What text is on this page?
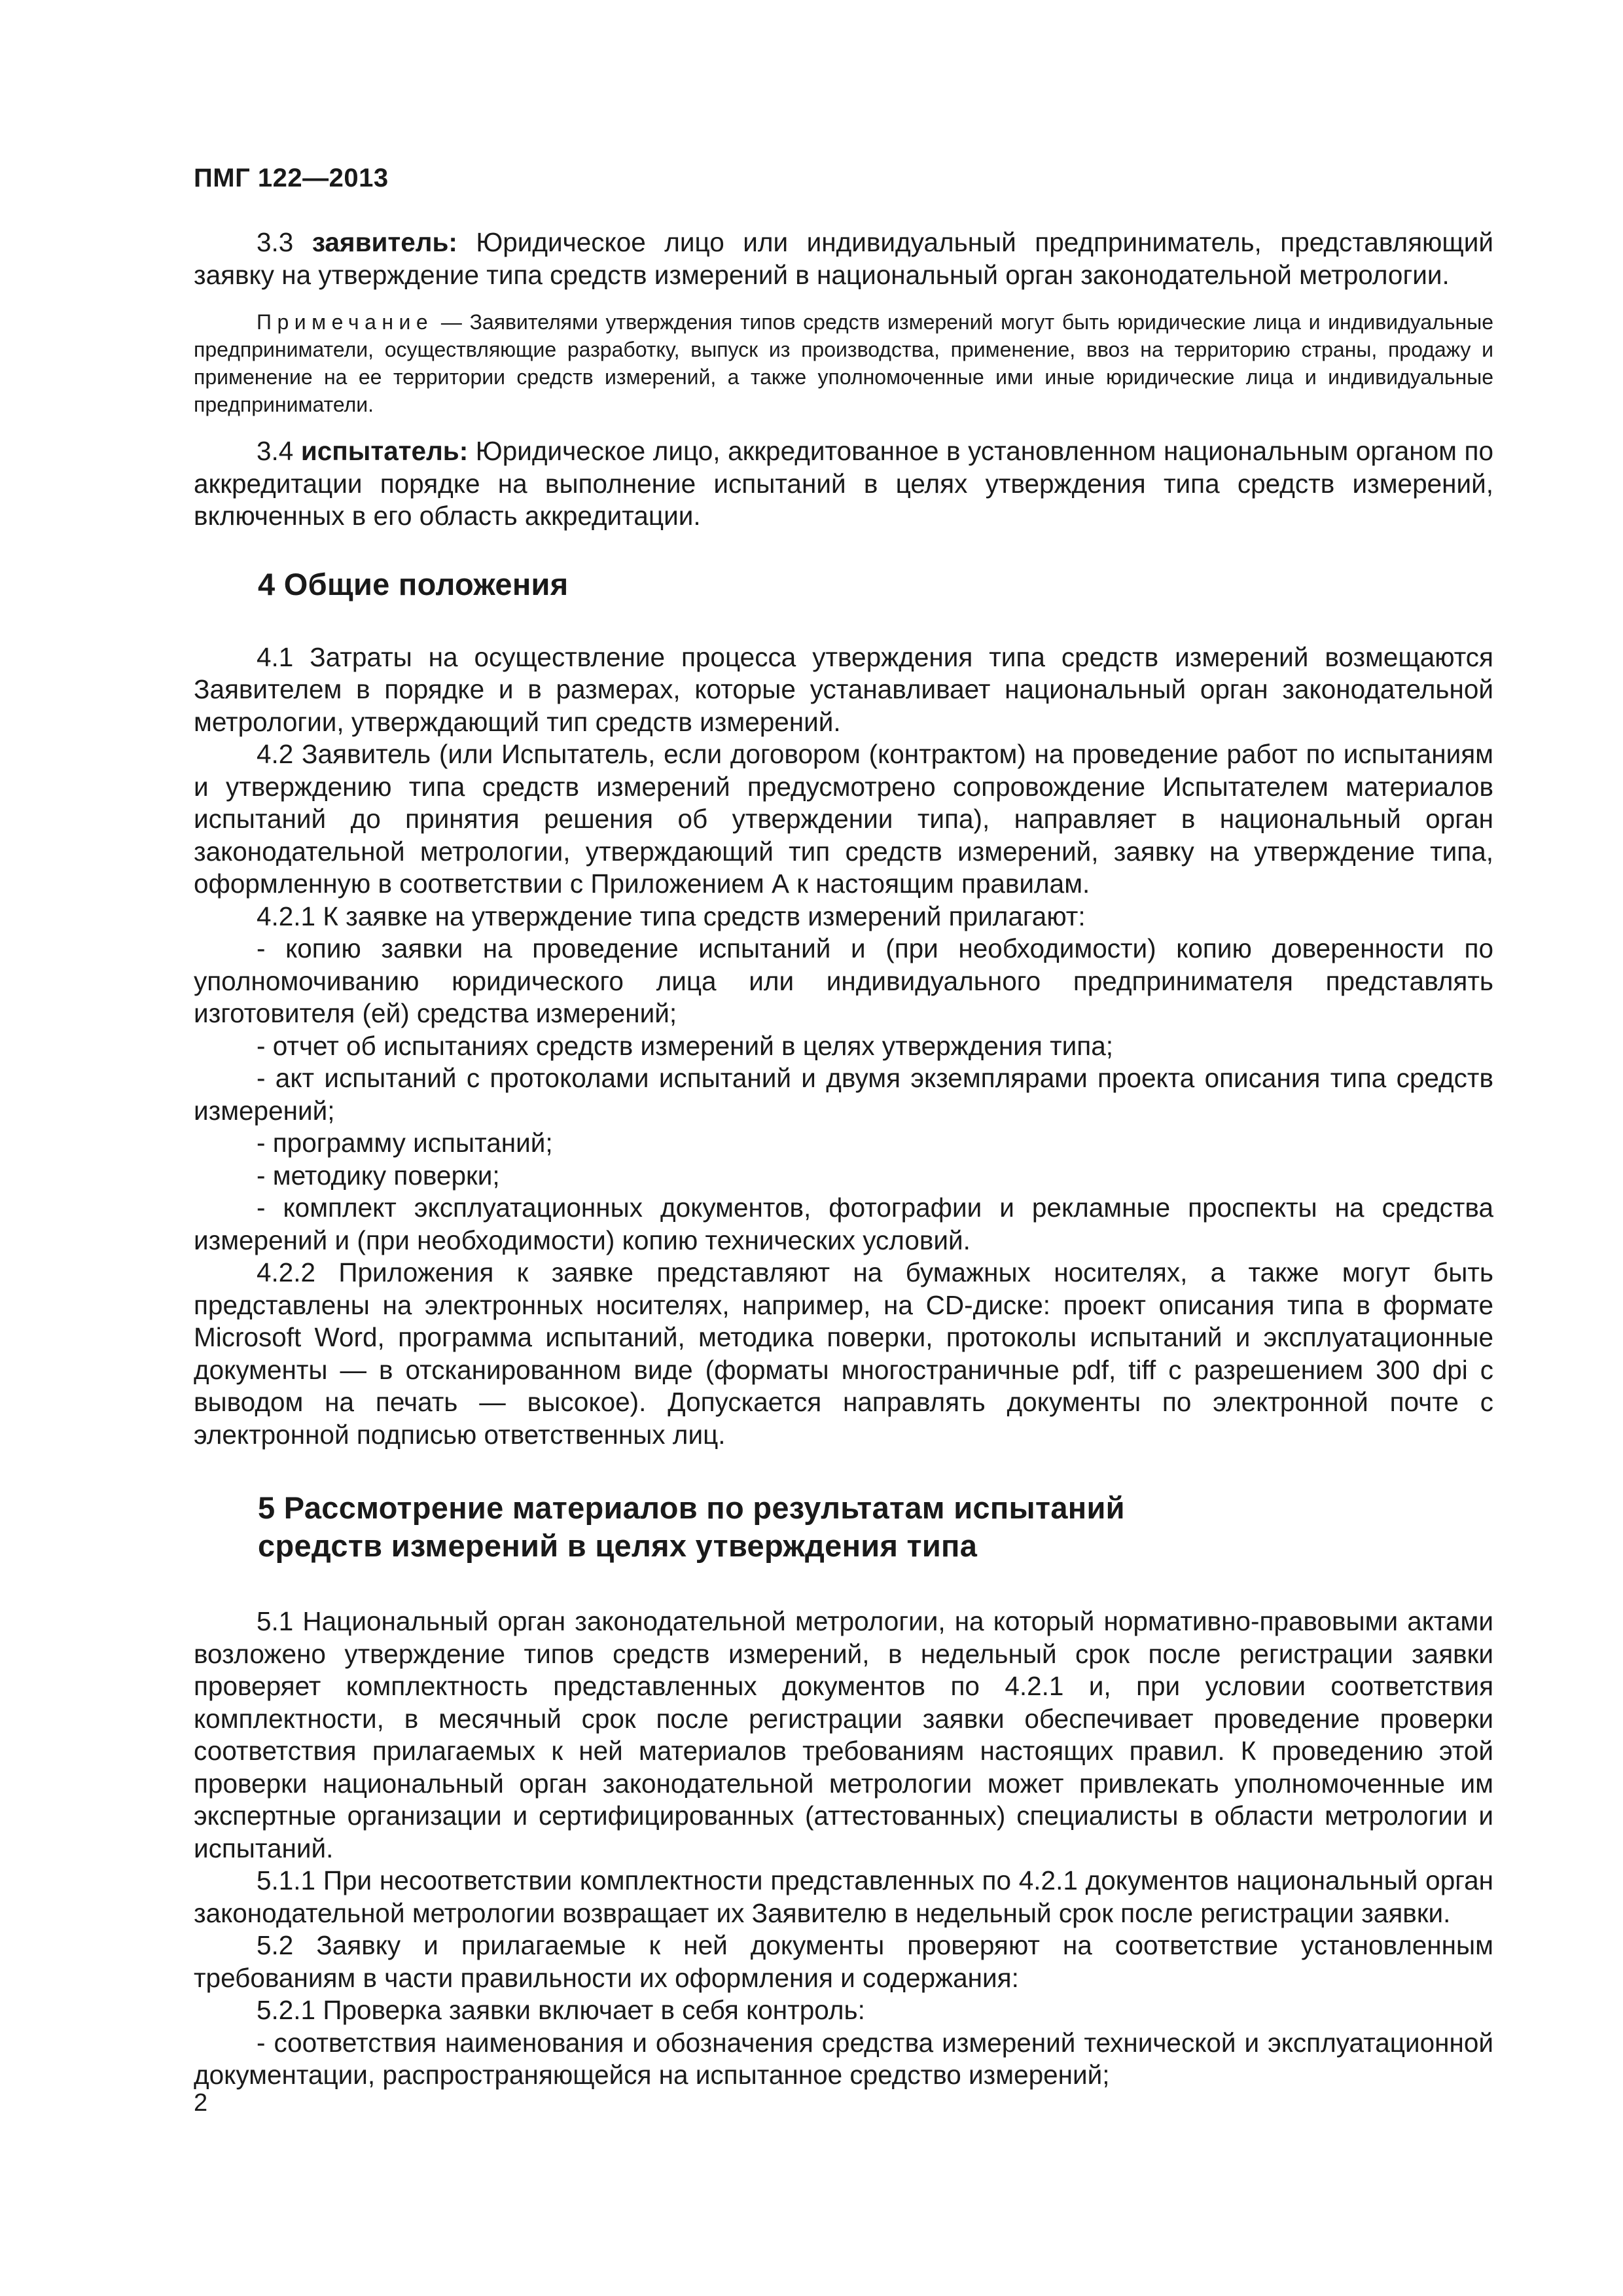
ПМГ 122—2013

3.3 заявитель: Юридическое лицо или индивидуальный предприниматель, представляющий заявку на утверждение типа средств измерений в национальный орган законодательной метрологии.

Примечание — Заявителями утверждения типов средств измерений могут быть юридические лица и индивидуальные предприниматели, осуществляющие разработку, выпуск из производства, применение, ввоз на территорию страны, продажу и применение на ее территории средств измерений, а также уполномоченные ими иные юридические лица и индивидуальные предприниматели.

3.4 испытатель: Юридическое лицо, аккредитованное в установленном национальным органом по аккредитации порядке на выполнение испытаний в целях утверждения типа средств измерений, включенных в его область аккредитации.

4 Общие положения

4.1 Затраты на осуществление процесса утверждения типа средств измерений возмещаются Заявителем в порядке и в размерах, которые устанавливает национальный орган законодательной метрологии, утверждающий тип средств измерений.

4.2 Заявитель (или Испытатель, если договором (контрактом) на проведение работ по испытаниям и утверждению типа средств измерений предусмотрено сопровождение Испытателем материалов испытаний до принятия решения об утверждении типа), направляет в национальный орган законодательной метрологии, утверждающий тип средств измерений, заявку на утверждение типа, оформленную в соответствии с Приложением А к настоящим правилам.

4.2.1 К заявке на утверждение типа средств измерений прилагают:

- копию заявки на проведение испытаний и (при необходимости) копию доверенности по уполномочиванию юридического лица или индивидуального предпринимателя представлять изготовителя (ей) средства измерений;

- отчет об испытаниях средств измерений в целях утверждения типа;

- акт испытаний с протоколами испытаний и двумя экземплярами проекта описания типа средств измерений;

- программу испытаний;

- методику поверки;

- комплект эксплуатационных документов, фотографии и рекламные проспекты на средства измерений и (при необходимости) копию технических условий.

4.2.2 Приложения к заявке представляют на бумажных носителях, а также могут быть представлены на электронных носителях, например, на CD-диске: проект описания типа в формате Microsoft Word, программа испытаний, методика поверки, протоколы испытаний и эксплуатационные документы — в отсканированном виде (форматы многостраничные pdf, tiff с разрешением 300 dpi с выводом на печать — высокое). Допускается направлять документы по электронной почте с электронной подписью ответственных лиц.

5 Рассмотрение материалов по результатам испытаний
средств измерений в целях утверждения типа

5.1 Национальный орган законодательной метрологии, на который нормативно-правовыми актами возложено утверждение типов средств измерений, в недельный срок после регистрации заявки проверяет комплектность представленных документов по 4.2.1 и, при условии соответствия комплектности, в месячный срок после регистрации заявки обеспечивает проведение проверки соответствия прилагаемых к ней материалов требованиям настоящих правил. К проведению этой проверки национальный орган законодательной метрологии может привлекать уполномоченные им экспертные организации и сертифицированных (аттестованных) специалисты в области метрологии и испытаний.

5.1.1 При несоответствии комплектности представленных по 4.2.1 документов национальный орган законодательной метрологии возвращает их Заявителю в недельный срок после регистрации заявки.

5.2 Заявку и прилагаемые к ней документы проверяют на соответствие установленным требованиям в части правильности их оформления и содержания:

5.2.1 Проверка заявки включает в себя контроль:

- соответствия наименования и обозначения средства измерений технической и эксплуатационной документации, распространяющейся на испытанное средство измерений;

2
